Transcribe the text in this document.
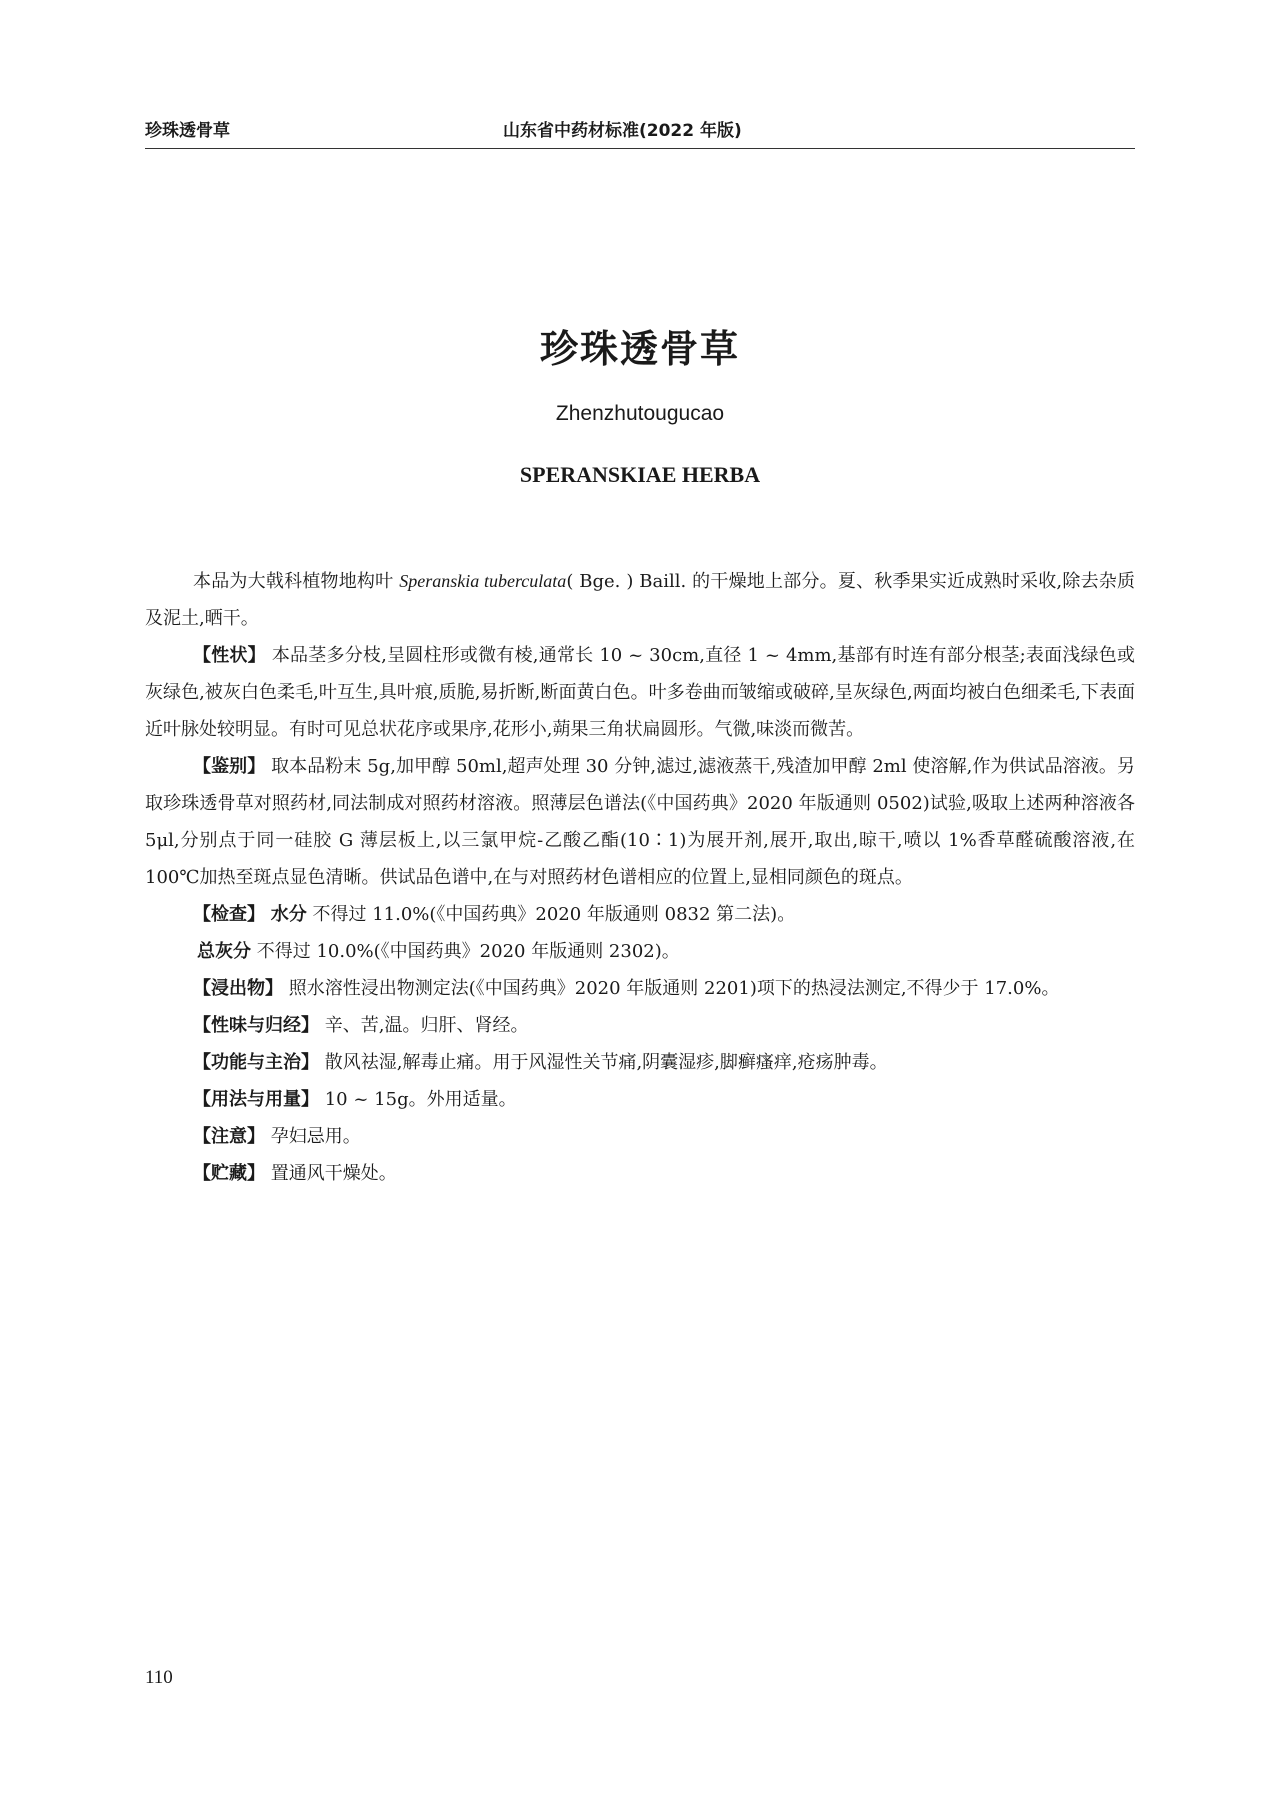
珍珠透骨草	山东省中药材标准(2022 年版)
珍珠透骨草
Zhenzhutougucao
SPERANSKIAE HERBA

本品为大戟科植物地构叶 Speranskia tuberculata( Bge. ) Baill. 的干燥地上部分。夏、秋季果实近成熟时采收,除去杂质及泥土,晒干。

【性状】 本品茎多分枝,呈圆柱形或微有棱,通常长 10 ~ 30cm,直径 1 ~ 4mm,基部有时连有部分根茎;表面浅绿色或灰绿色,被灰白色柔毛,叶互生,具叶痕,质脆,易折断,断面黄白色。叶多卷曲而皱缩或破碎,呈灰绿色,两面均被白色细柔毛,下表面近叶脉处较明显。有时可见总状花序或果序,花形小,蒴果三角状扁圆形。气微,味淡而微苦。

【鉴别】 取本品粉末 5g,加甲醇 50ml,超声处理 30 分钟,滤过,滤液蒸干,残渣加甲醇 2ml 使溶解,作为供试品溶液。另取珍珠透骨草对照药材,同法制成对照药材溶液。照薄层色谱法(《中国药典》2020 年版通则 0502)试验,吸取上述两种溶液各 5μl,分别点于同一硅胶 G 薄层板上,以三氯甲烷-乙酸乙酯(10∶1)为展开剂,展开,取出,晾干,喷以 1%香草醛硫酸溶液,在 100℃加热至斑点显色清晰。供试品色谱中,在与对照药材色谱相应的位置上,显相同颜色的斑点。

【检查】 水分 不得过 11.0%(《中国药典》2020 年版通则 0832 第二法)。

总灰分 不得过 10.0%(《中国药典》2020 年版通则 2302)。

【浸出物】 照水溶性浸出物测定法(《中国药典》2020 年版通则 2201)项下的热浸法测定,不得少于 17.0%。

【性味与归经】 辛、苦,温。归肝、肾经。

【功能与主治】 散风祛湿,解毒止痛。用于风湿性关节痛,阴囊湿疹,脚癣瘙痒,疮疡肿毒。

【用法与用量】 10 ~ 15g。外用适量。

【注意】 孕妇忌用。

【贮藏】 置通风干燥处。

110
